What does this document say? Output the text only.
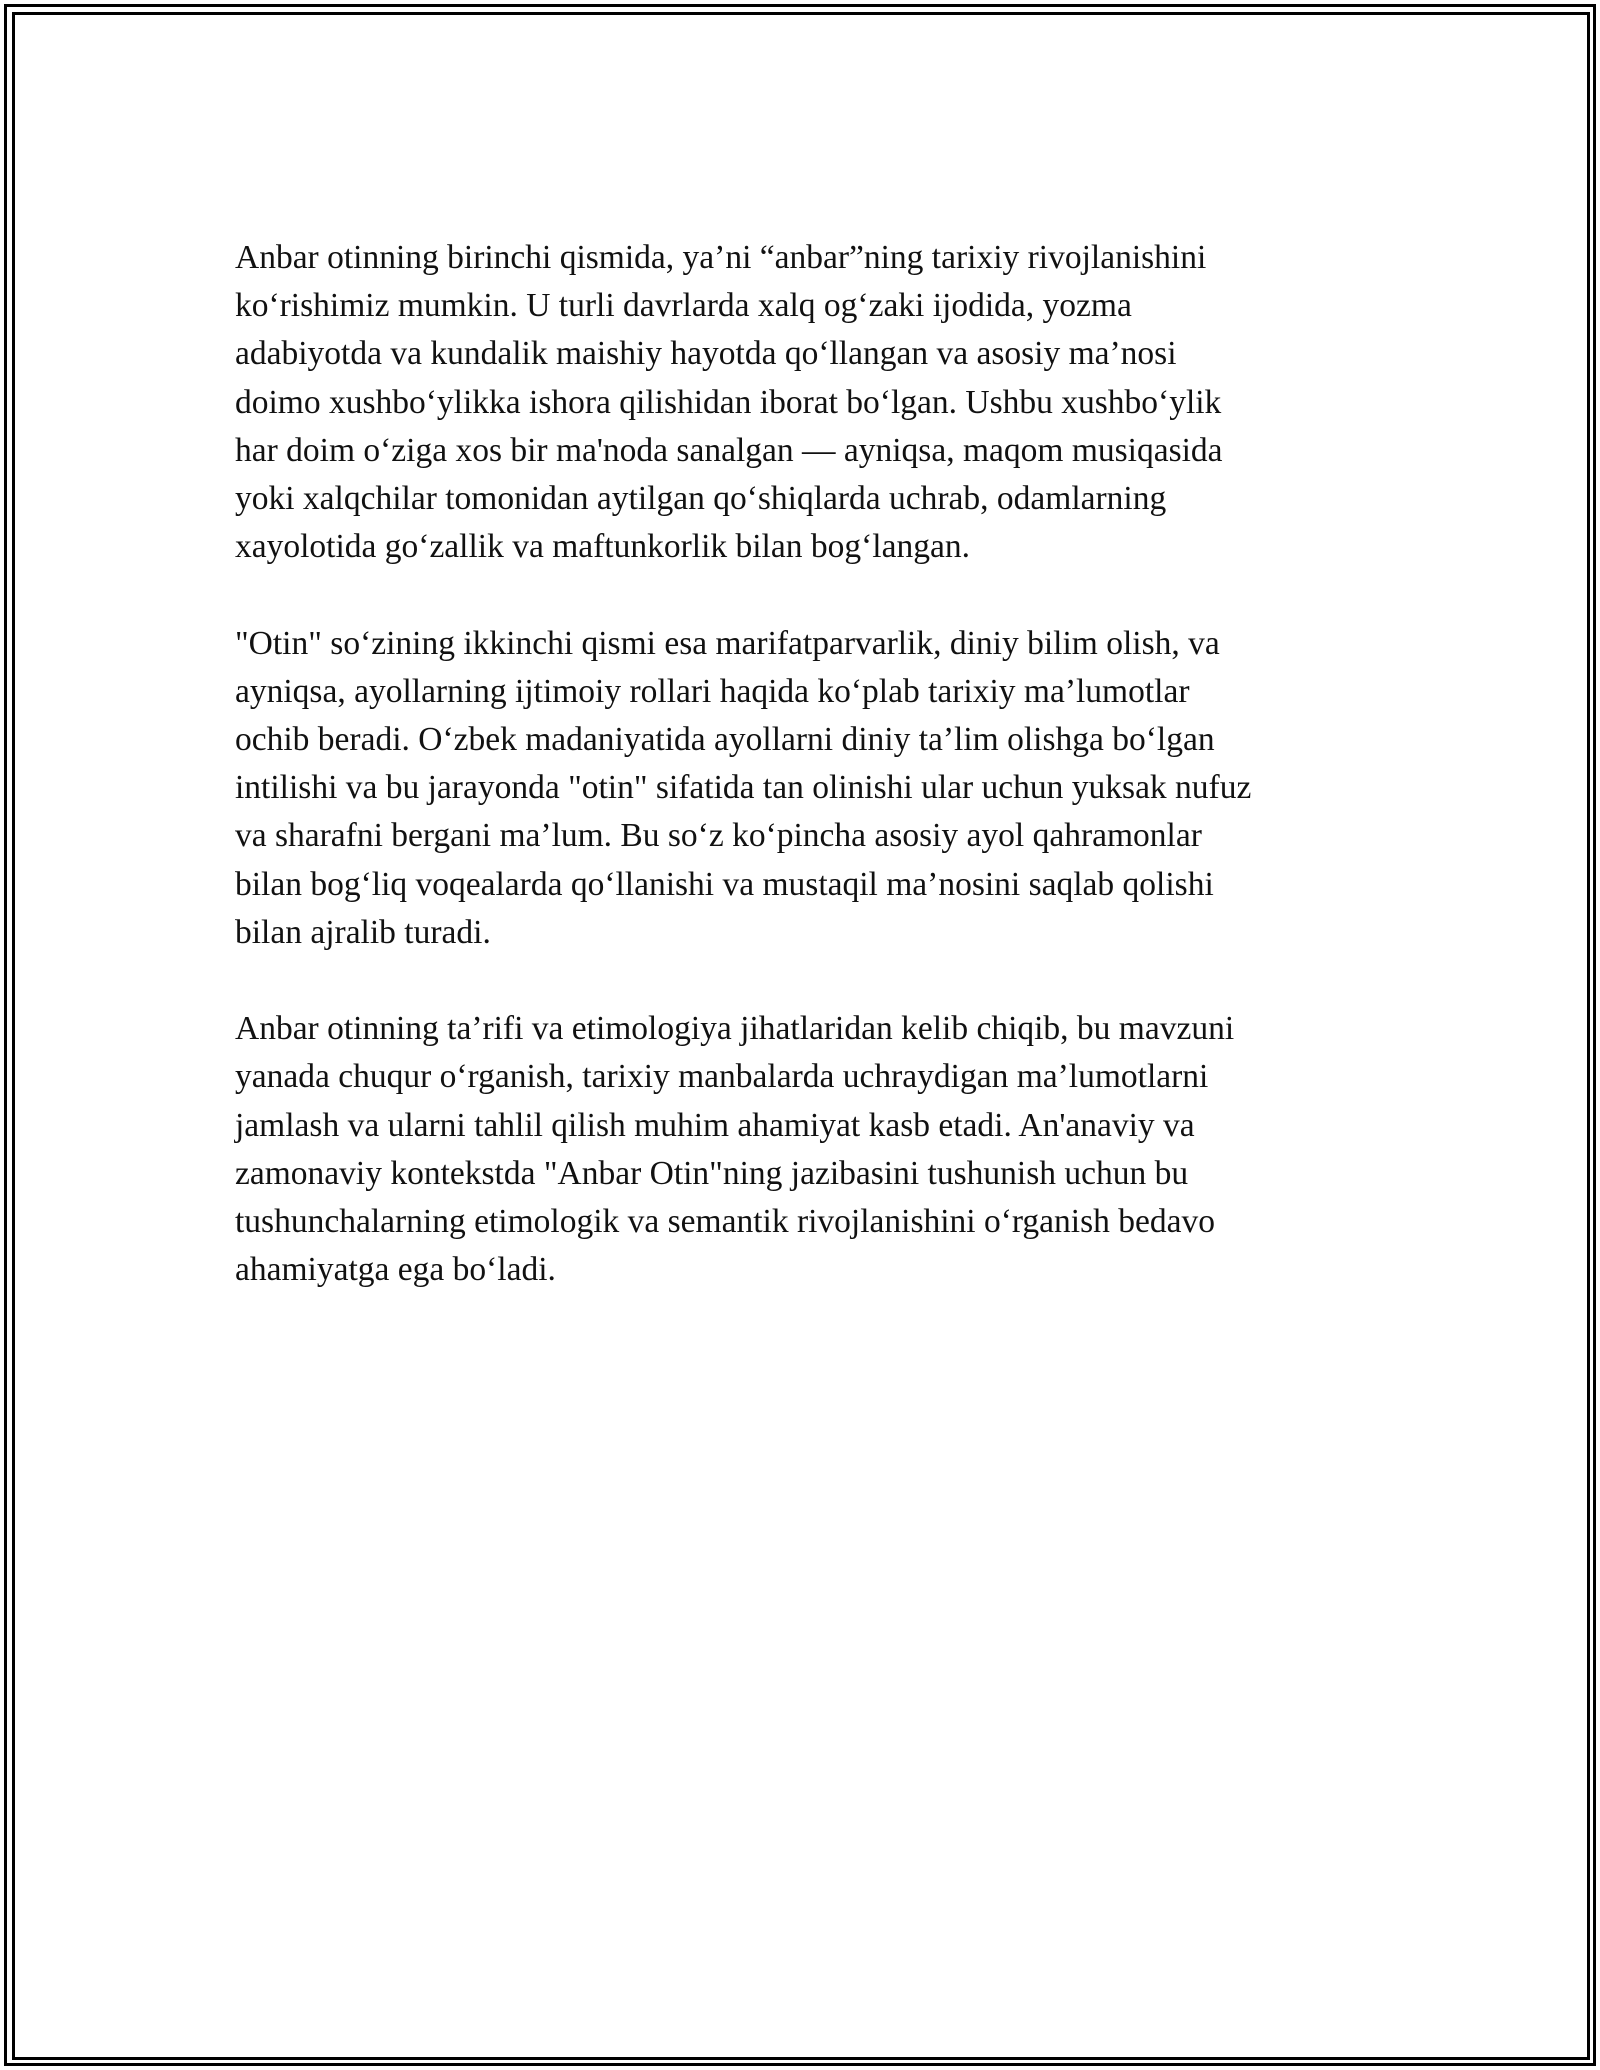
Anbar otinning birinchi qismida, ya’ni “anbar”ning tarixiy rivojlanishini
ko‘rishimiz mumkin. U turli davrlarda xalq og‘zaki ijodida, yozma
adabiyotda va kundalik maishiy hayotda qo‘llangan va asosiy ma’nosi
doimo xushbo‘ylikka ishora qilishidan iborat bo‘lgan. Ushbu xushbo‘ylik
har doim o‘ziga xos bir ma'noda sanalgan — ayniqsa, maqom musiqasida
yoki xalqchilar tomonidan aytilgan qo‘shiqlarda uchrab, odamlarning
xayolotida go‘zallik va maftunkorlik bilan bog‘langan.

"Otin" so‘zining ikkinchi qismi esa marifatparvarlik, diniy bilim olish, va
ayniqsa, ayollarning ijtimoiy rollari haqida ko‘plab tarixiy ma’lumotlar
ochib beradi. O‘zbek madaniyatida ayollarni diniy ta’lim olishga bo‘lgan
intilishi va bu jarayonda "otin" sifatida tan olinishi ular uchun yuksak nufuz
va sharafni bergani ma’lum. Bu so‘z ko‘pincha asosiy ayol qahramonlar
bilan bog‘liq voqealarda qo‘llanishi va mustaqil ma’nosini saqlab qolishi
bilan ajralib turadi.

Anbar otinning ta’rifi va etimologiya jihatlaridan kelib chiqib, bu mavzuni
yanada chuqur o‘rganish, tarixiy manbalarda uchraydigan ma’lumotlarni
jamlash va ularni tahlil qilish muhim ahamiyat kasb etadi. An'anaviy va
zamonaviy kontekstda "Anbar Otin"ning jazibasini tushunish uchun bu
tushunchalarning etimologik va semantik rivojlanishini o‘rganish bedavo
ahamiyatga ega bo‘ladi.
